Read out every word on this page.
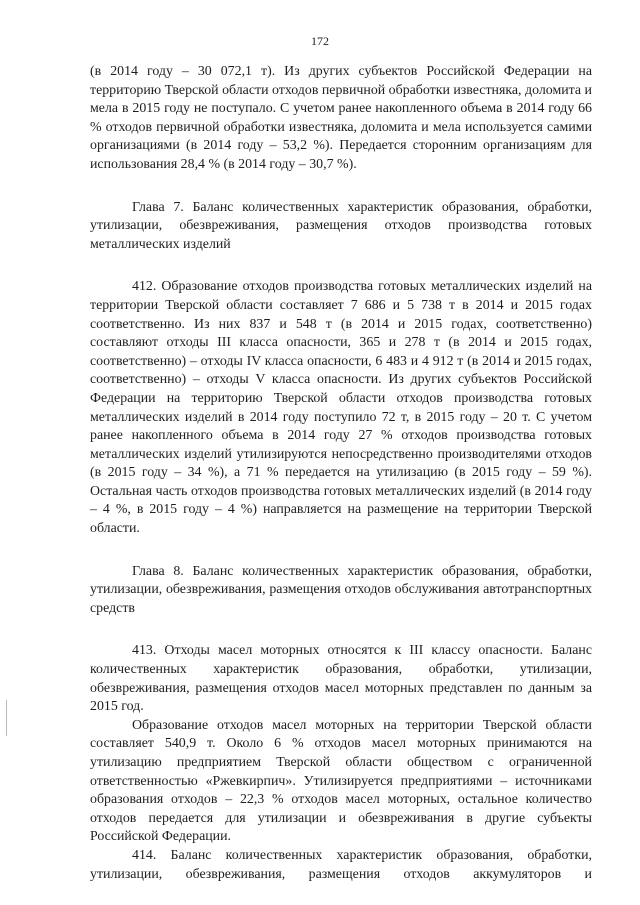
172

(в 2014 году – 30 072,1 т). Из других субъектов Российской Федерации на территорию Тверской области отходов первичной обработки известняка, доломита и мела в 2015 году не поступало. С учетом ранее накопленного объема в 2014 году 66 % отходов первичной обработки известняка, доломита и мела используется самими организациями (в 2014 году – 53,2 %). Передается сторонним организациям для использования 28,4 % (в 2014 году – 30,7 %).

Глава 7. Баланс количественных характеристик образования, обработки, утилизации, обезвреживания, размещения отходов производства готовых металлических изделий

412. Образование отходов производства готовых металлических изделий на территории Тверской области составляет 7 686 и 5 738 т в 2014 и 2015 годах соответственно. Из них 837 и 548 т (в 2014 и 2015 годах, соответственно) составляют отходы III класса опасности, 365 и 278 т (в 2014 и 2015 годах, соответственно) – отходы IV класса опасности, 6 483 и 4 912 т (в 2014 и 2015 годах, соответственно) – отходы V класса опасности. Из других субъектов Российской Федерации на территорию Тверской области отходов производства готовых металлических изделий в 2014 году поступило 72 т, в 2015 году – 20 т. С учетом ранее накопленного объема в 2014 году 27 % отходов производства готовых металлических изделий утилизируются непосредственно производителями отходов (в 2015 году – 34 %), а 71 % передается на утилизацию (в 2015 году – 59 %). Остальная часть отходов производства готовых металлических изделий (в 2014 году – 4 %, в 2015 году – 4 %) направляется на размещение на территории Тверской области.

Глава 8. Баланс количественных характеристик образования, обработки, утилизации, обезвреживания, размещения отходов обслуживания автотранспортных средств

413. Отходы масел моторных относятся к III классу опасности. Баланс количественных характеристик образования, обработки, утилизации, обезвреживания, размещения отходов масел моторных представлен по данным за 2015 год.

Образование отходов масел моторных на территории Тверской области составляет 540,9 т. Около 6 % отходов масел моторных принимаются на утилизацию предприятием Тверской области обществом с ограниченной ответственностью «Ржевкирпич». Утилизируется предприятиями – источниками образования отходов – 22,3 % отходов масел моторных, остальное количество отходов передается для утилизации и обезвреживания в другие субъекты Российской Федерации.

414. Баланс количественных характеристик образования, обработки, утилизации, обезвреживания, размещения отходов аккумуляторов и
